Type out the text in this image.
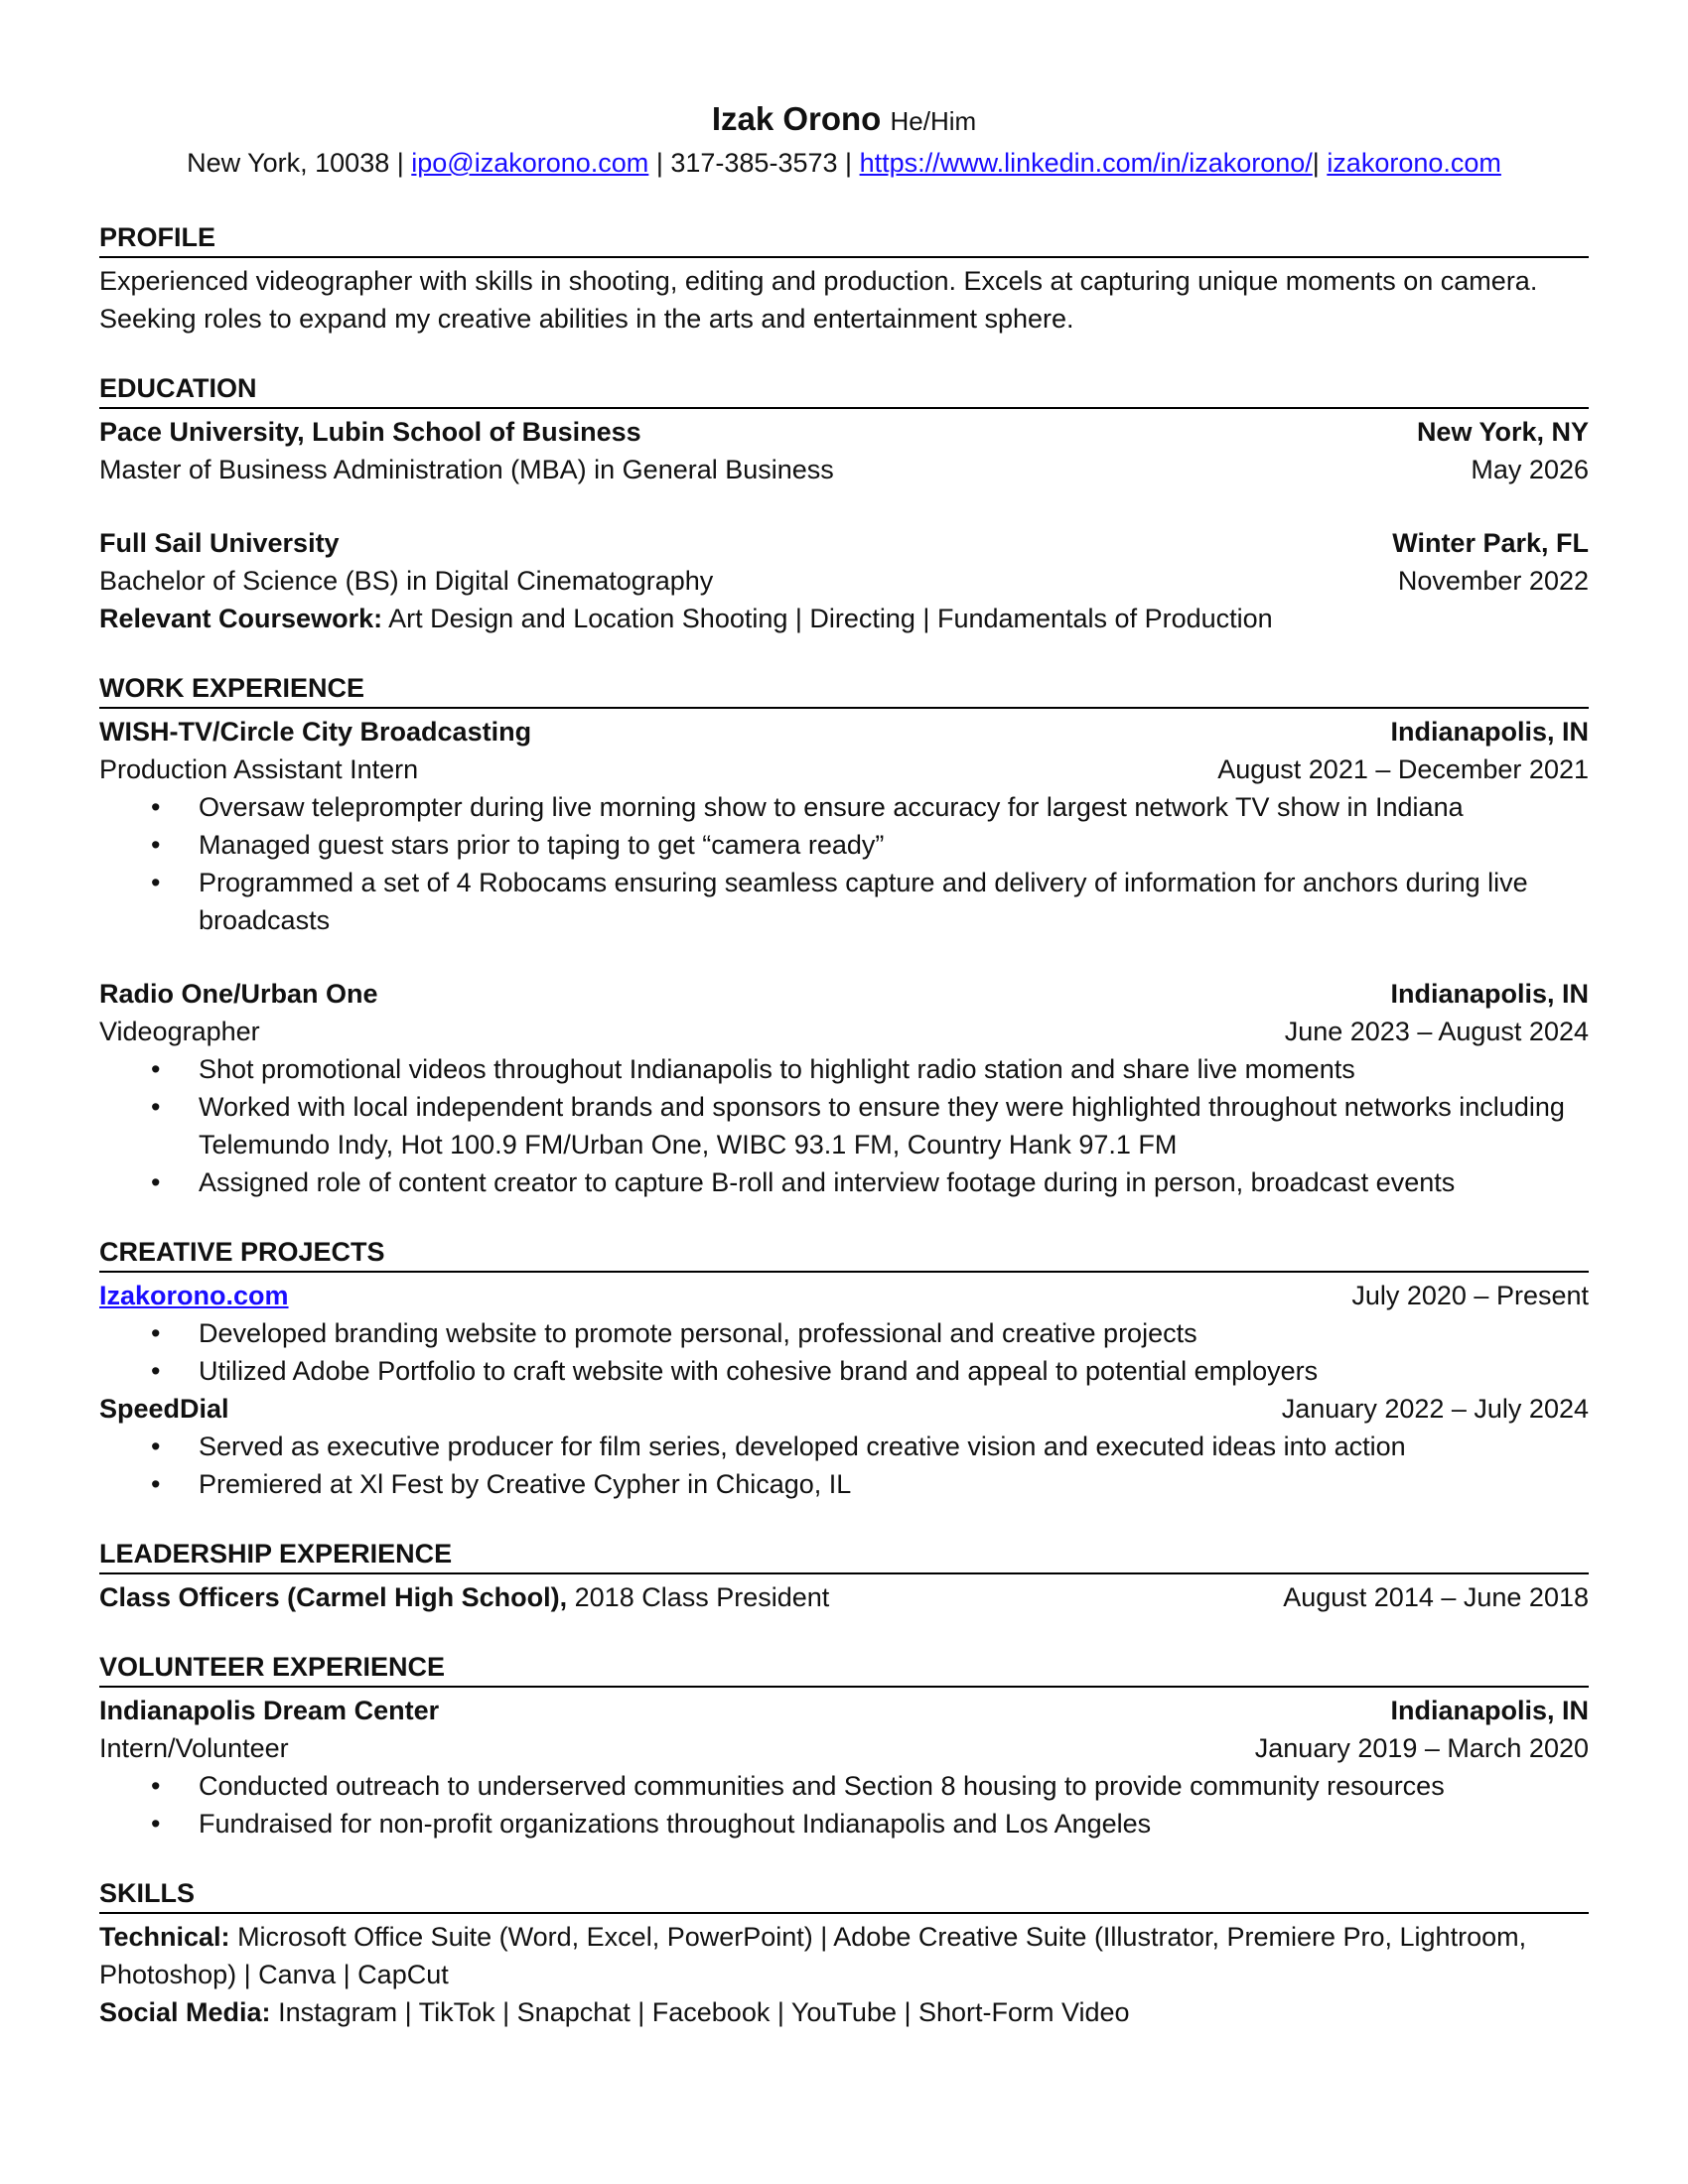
Izak Orono He/Him
New York, 10038 | ipo@izakorono.com | 317-385-3573 | https://www.linkedin.com/in/izakorono/| izakorono.com
PROFILE
Experienced videographer with skills in shooting, editing and production. Excels at capturing unique moments on camera. Seeking roles to expand my creative abilities in the arts and entertainment sphere.
EDUCATION
Pace University, Lubin School of Business	New York, NY
Master of Business Administration (MBA) in General Business	May 2026
Full Sail University	Winter Park, FL
Bachelor of Science (BS) in Digital Cinematography	November 2022
Relevant Coursework: Art Design and Location Shooting | Directing | Fundamentals of Production
WORK EXPERIENCE
WISH-TV/Circle City Broadcasting	Indianapolis, IN
Production Assistant Intern	August 2021 – December 2021
• Oversaw teleprompter during live morning show to ensure accuracy for largest network TV show in Indiana
• Managed guest stars prior to taping to get “camera ready”
• Programmed a set of 4 Robocams ensuring seamless capture and delivery of information for anchors during live broadcasts
Radio One/Urban One	Indianapolis, IN
Videographer	June 2023 – August 2024
• Shot promotional videos throughout Indianapolis to highlight radio station and share live moments
• Worked with local independent brands and sponsors to ensure they were highlighted throughout networks including Telemundo Indy, Hot 100.9 FM/Urban One, WIBC 93.1 FM, Country Hank 97.1 FM
• Assigned role of content creator to capture B-roll and interview footage during in person, broadcast events
CREATIVE PROJECTS
Izakorono.com	July 2020 – Present
• Developed branding website to promote personal, professional and creative projects
• Utilized Adobe Portfolio to craft website with cohesive brand and appeal to potential employers
SpeedDial	January 2022 – July 2024
• Served as executive producer for film series, developed creative vision and executed ideas into action
• Premiered at Xl Fest by Creative Cypher in Chicago, IL
LEADERSHIP EXPERIENCE
Class Officers (Carmel High School), 2018 Class President	August 2014 – June 2018
VOLUNTEER EXPERIENCE
Indianapolis Dream Center	Indianapolis, IN
Intern/Volunteer	January 2019 – March 2020
• Conducted outreach to underserved communities and Section 8 housing to provide community resources
• Fundraised for non-profit organizations throughout Indianapolis and Los Angeles
SKILLS
Technical: Microsoft Office Suite (Word, Excel, PowerPoint) | Adobe Creative Suite (Illustrator, Premiere Pro, Lightroom, Photoshop) | Canva | CapCut
Social Media: Instagram | TikTok | Snapchat | Facebook | YouTube | Short-Form Video
